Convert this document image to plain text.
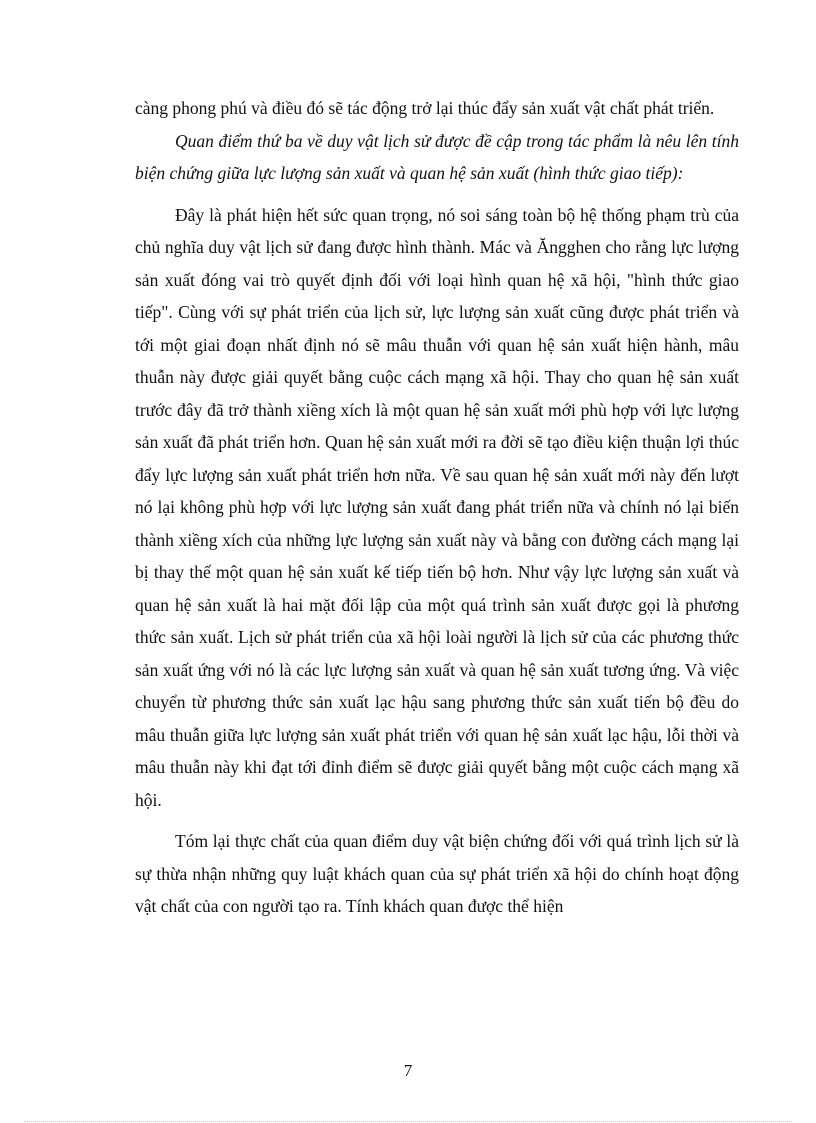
càng phong phú và điều đó sẽ tác động trở lại thúc đẩy sản xuất vật chất phát triển.

Quan điểm thứ ba về duy vật lịch sử được đề cập trong tác phẩm là nêu lên tính biện chứng giữa lực lượng sản xuất và quan hệ sản xuất (hình thức giao tiếp):

Đây là phát hiện hết sức quan trọng, nó soi sáng toàn bộ hệ thống phạm trù của chủ nghĩa duy vật lịch sử đang được hình thành. Mác và Ăngghen cho rằng lực lượng sản xuất đóng vai trò quyết định đối với loại hình quan hệ xã hội, "hình thức giao tiếp". Cùng với sự phát triển của lịch sử, lực lượng sản xuất cũng được phát triển và tới một giai đoạn nhất định nó sẽ mâu thuẫn với quan hệ sản xuất hiện hành, mâu thuẫn này được giải quyết bằng cuộc cách mạng xã hội. Thay cho quan hệ sản xuất trước đây đã trở thành xiềng xích là một quan hệ sản xuất mới phù hợp với lực lượng sản xuất đã phát triển hơn. Quan hệ sản xuất mới ra đời sẽ tạo điều kiện thuận lợi thúc đẩy lực lượng sản xuất phát triển hơn nữa. Về sau quan hệ sản xuất mới này đến lượt nó lại không phù hợp với lực lượng sản xuất đang phát triển nữa và chính nó lại biến thành xiềng xích của những lực lượng sản xuất này và bằng con đường cách mạng lại bị thay thế một quan hệ sản xuất kế tiếp tiến bộ hơn. Như vậy lực lượng sản xuất và quan hệ sản xuất là hai mặt đối lập của một quá trình sản xuất được gọi là phương thức sản xuất. Lịch sử phát triển của xã hội loài người là lịch sử của các phương thức sản xuất ứng với nó là các lực lượng sản xuất và quan hệ sản xuất tương ứng. Và việc chuyển từ phương thức sản xuất lạc hậu sang phương thức sản xuất tiến bộ đều do mâu thuẫn giữa lực lượng sản xuất phát triển với quan hệ sản xuất lạc hậu, lỗi thời và mâu thuẫn này khi đạt tới đỉnh điểm sẽ được giải quyết bằng một cuộc cách mạng xã hội.

Tóm lại thực chất của quan điểm duy vật biện chứng đối với quá trình lịch sử là sự thừa nhận những quy luật khách quan của sự phát triển xã hội do chính hoạt động vật chất của con người tạo ra. Tính khách quan được thể hiện

7
